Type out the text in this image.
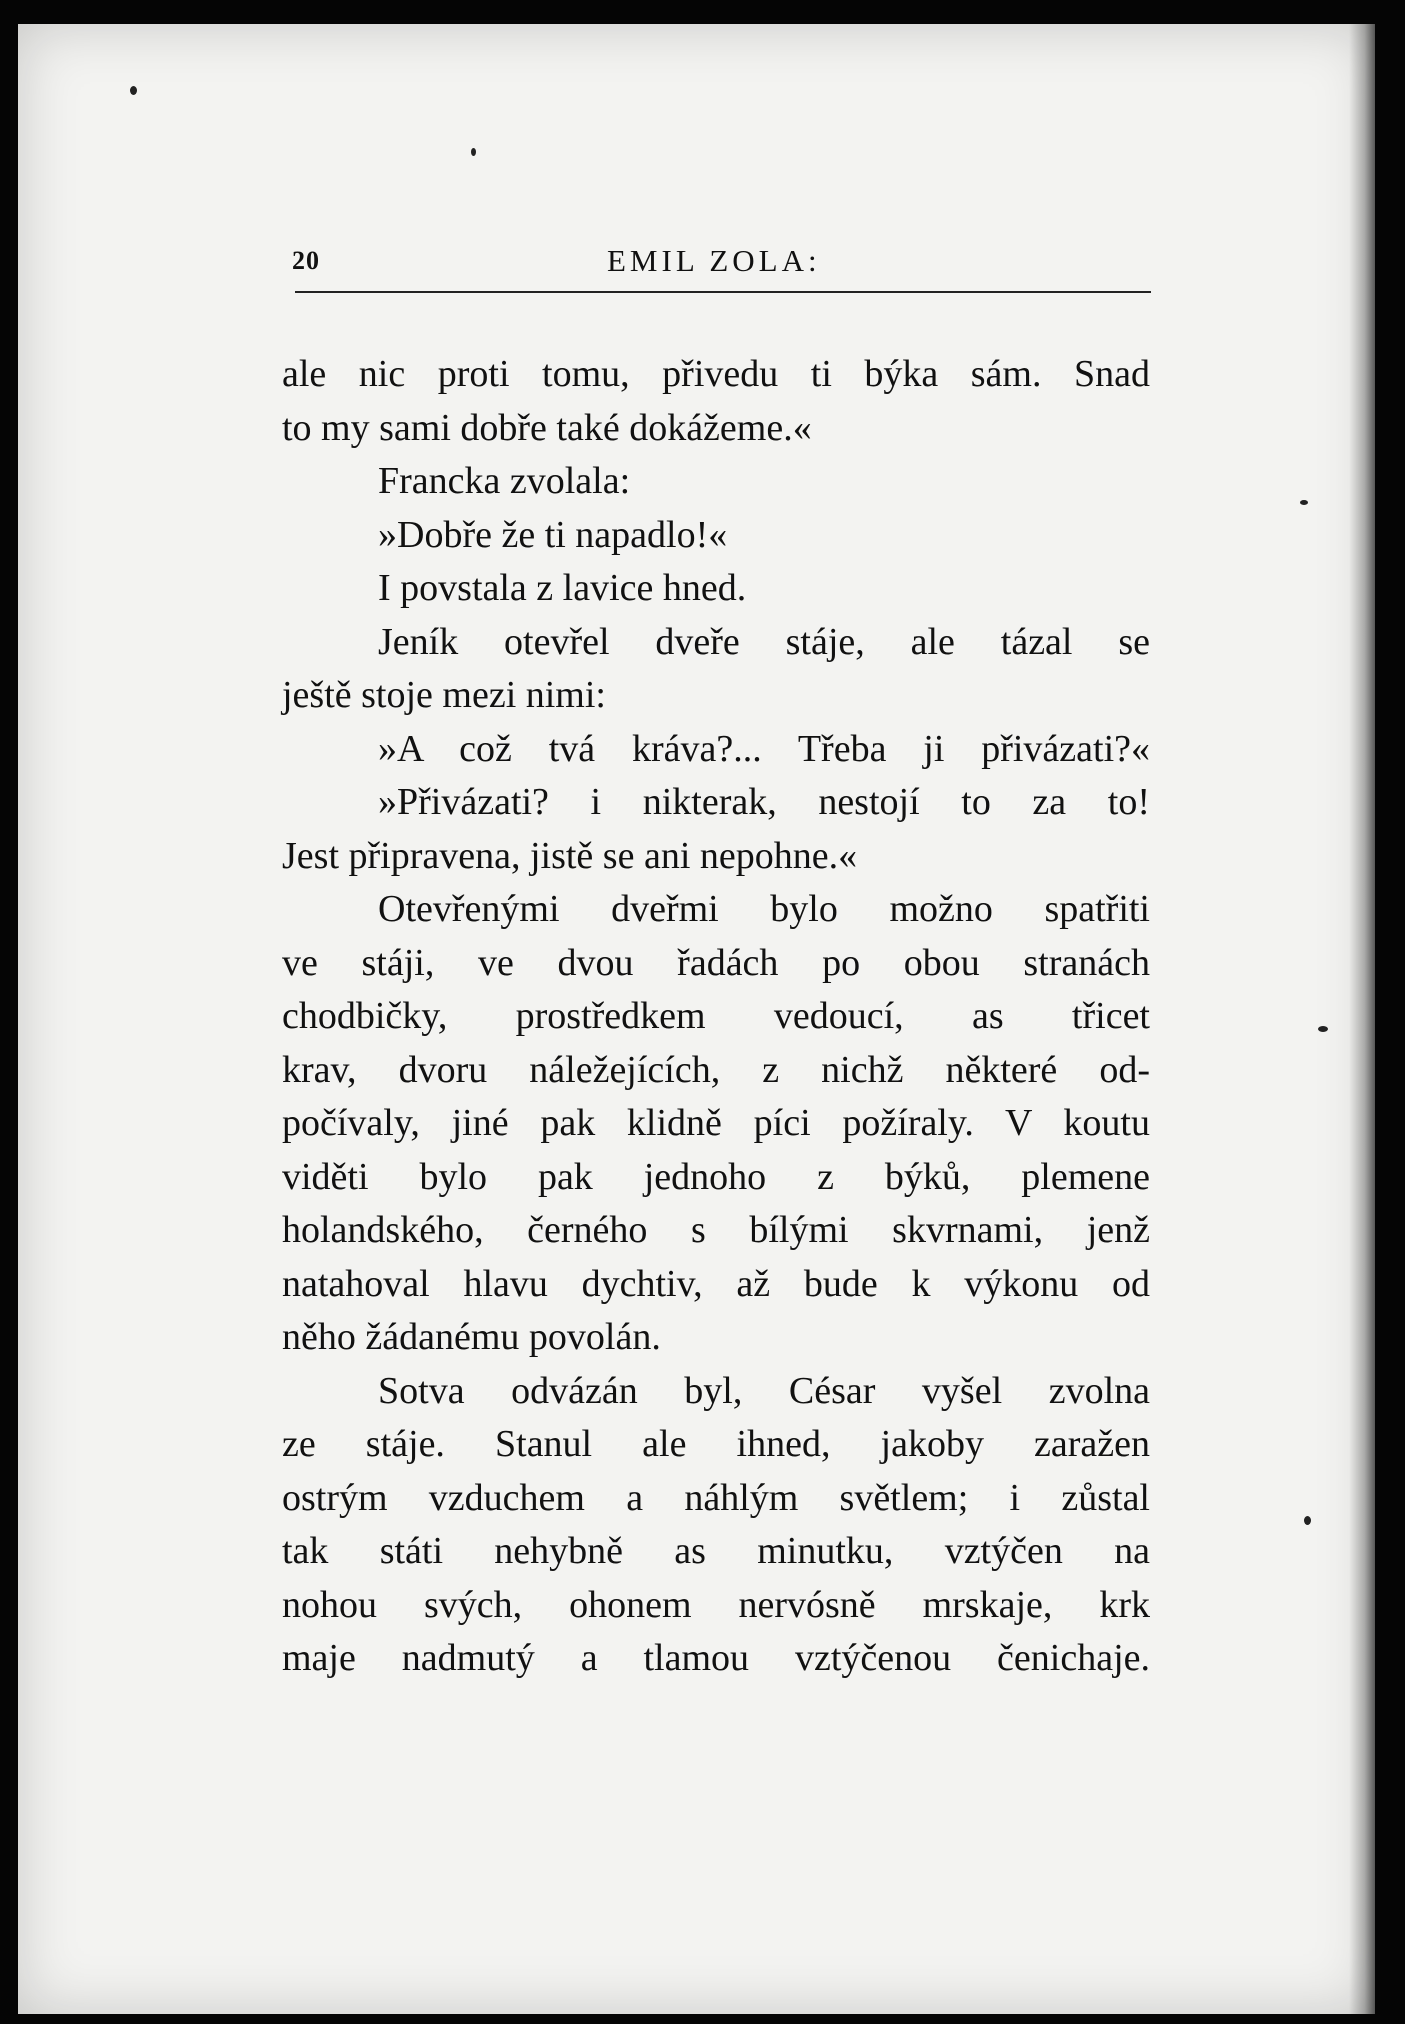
20	EMIL ZOLA:
ale nic proti tomu, přivedu ti býka sám. Snad
to my sami dobře také dokážeme.«
Francka zvolala:
»Dobře že ti napadlo!«
I povstala z lavice hned.
Jeník otevřel dveře stáje, ale tázal se
ještě stoje mezi nimi:
»A což tvá kráva?... Třeba ji přivázati?«
»Přivázati? i nikterak, nestojí to za to!
Jest připravena, jistě se ani nepohne.«
Otevřenými dveřmi bylo možno spatřiti
ve stáji, ve dvou řadách po obou stranách
chodbičky, prostředkem vedoucí, as třicet
krav, dvoru náležejících, z nichž některé od-
počívaly, jiné pak klidně píci požíraly. V koutu
viděti bylo pak jednoho z býků, plemene
holandského, černého s bílými skvrnami, jenž
natahoval hlavu dychtiv, až bude k výkonu od
něho žádanému povolán.
Sotva odvázán byl, César vyšel zvolna
ze stáje. Stanul ale ihned, jakoby zaražen
ostrým vzduchem a náhlým světlem; i zůstal
tak státi nehybně as minutku, vztýčen na
nohou svých, ohonem nervósně mrskaje, krk
maje nadmutý a tlamou vztýčenou čenichaje.
